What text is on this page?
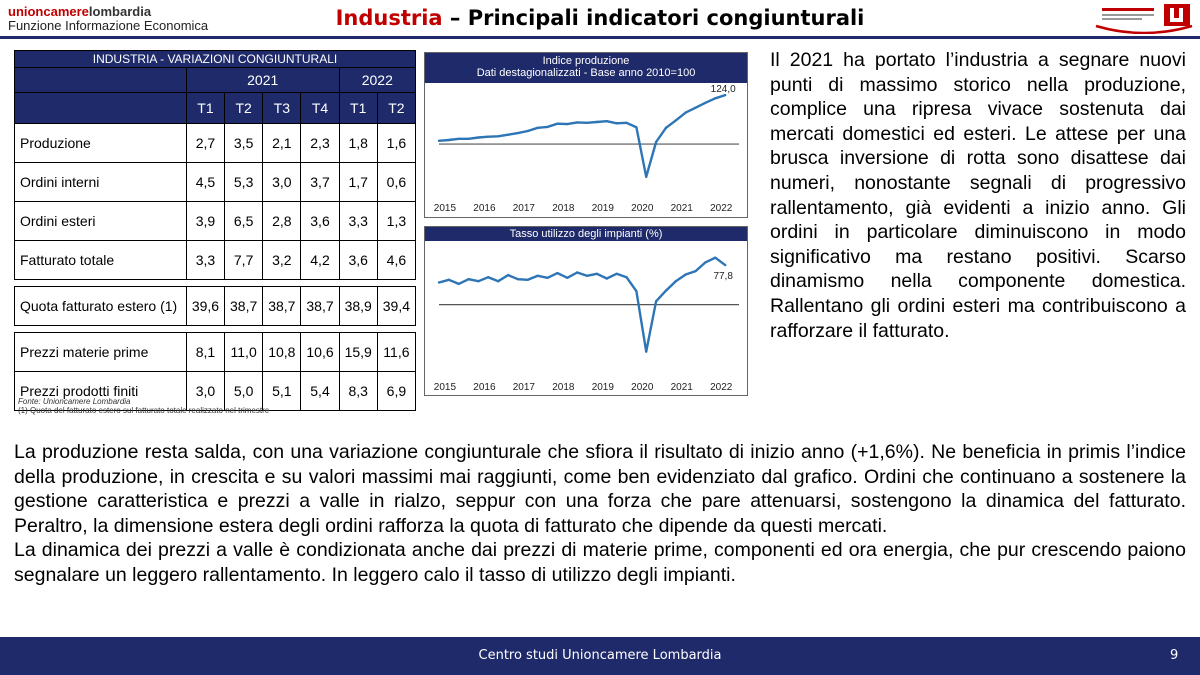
unioncamerelombardia
Funzione Informazione Economica	Industria – Principali indicatori congiunturali
INDUSTRIA - VARIAZIONI CONGIUNTURALI						
	2021				2022	
	T1	T2	T3	T4	T1	T2
Produzione	2,7	3,5	2,1	2,3	1,8	1,6
Ordini interni	4,5	5,3	3,0	3,7	1,7	0,6
Ordini esteri	3,9	6,5	2,8	3,6	3,3	1,3
Fatturato totale	3,3	7,7	3,2	4,2	3,6	4,6

Quota fatturato estero (1)	39,6	38,7	38,7	38,7	38,9	39,4

Prezzi materie prime	8,1	11,0	10,8	10,6	15,9	11,6
Prezzi prodotti finiti	3,0	5,0	5,1	5,4	8,3	6,9
Fonte: Unioncamere Lombardia
(1) Quota del fatturato estero sul fatturato totale realizzato nel trimestre
Indice produzione
Dati destagionalizzati - Base anno 2010=100
124,0
2015 2016 2017 2018 2019 2020 2021 2022
Tasso utilizzo degli impianti (%)
77,8
2015 2016 2017 2018 2019 2020 2021 2022
Il 2021 ha portato l’industria a segnare nuovi punti di massimo storico nella produzione, complice una ripresa vivace sostenuta dai mercati domestici ed esteri. Le attese per una brusca inversione di rotta sono disattese dai numeri, nonostante segnali di progressivo rallentamento, già evidenti a inizio anno. Gli ordini in particolare diminuiscono in modo significativo ma restano positivi. Scarso dinamismo nella componente domestica. Rallentano gli ordini esteri ma contribuiscono a rafforzare il fatturato.

La produzione resta salda, con una variazione congiunturale che sfiora il risultato di inizio anno (+1,6%). Ne beneficia in primis l’indice della produzione, in crescita e su valori massimi mai raggiunti, come ben evidenziato dal grafico. Ordini che continuano a sostenere la gestione caratteristica e prezzi a valle in rialzo, seppur con una forza che pare attenuarsi, sostengono la dinamica del fatturato. Peraltro, la dimensione estera degli ordini rafforza la quota di fatturato che dipende da questi mercati.

La dinamica dei prezzi a valle è condizionata anche dai prezzi di materie prime, componenti ed ora energia, che pur crescendo paiono segnalare un leggero rallentamento. In leggero calo il tasso di utilizzo degli impianti.

Centro studi Unioncamere Lombardia	9
